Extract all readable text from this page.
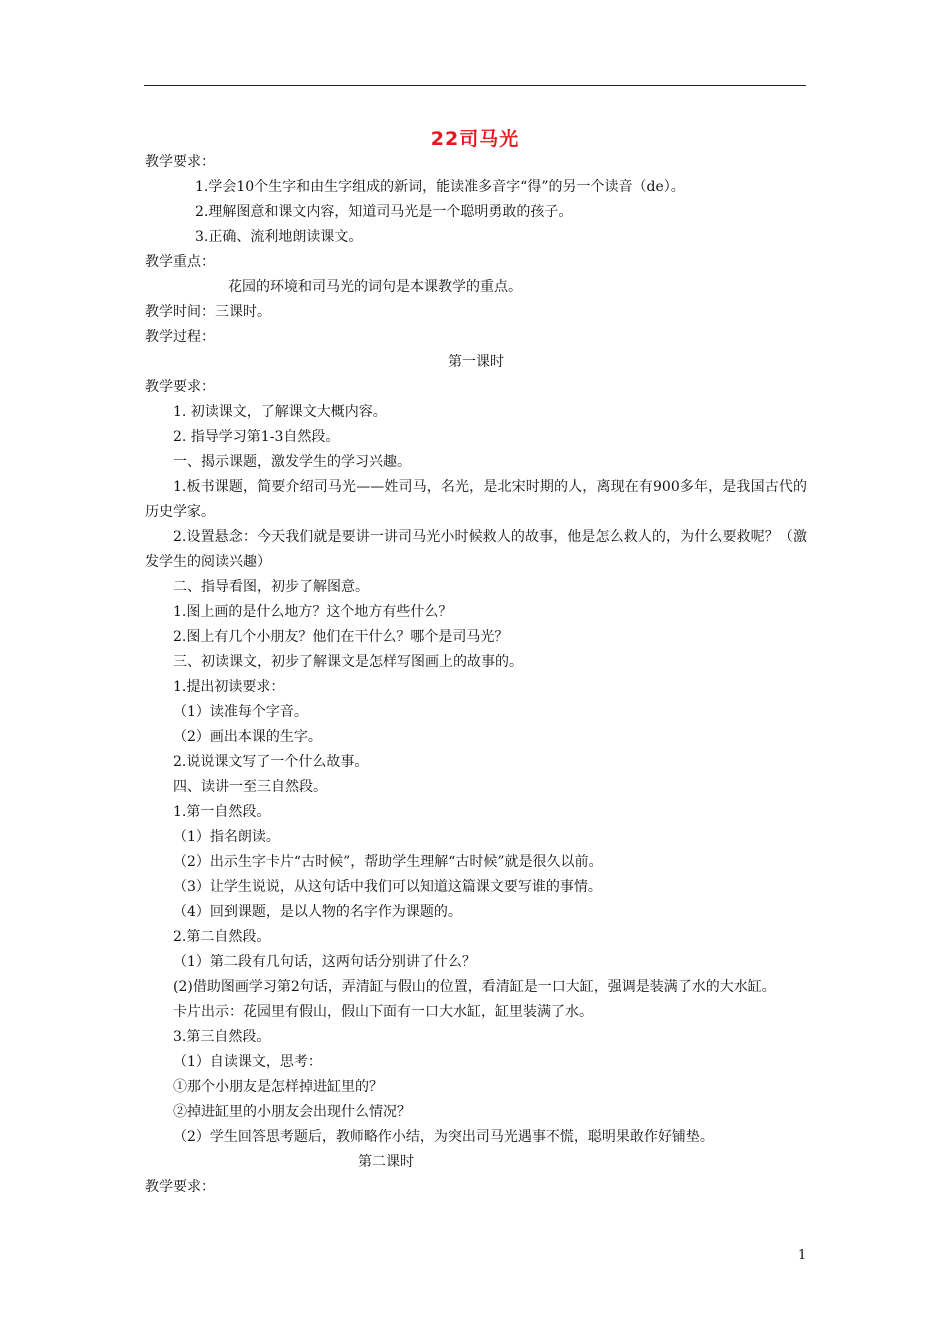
22司马光
教学要求：
1.学会10个生字和由生字组成的新词，能读准多音字“得”的另一个读音（de）。
2.理解图意和课文内容，知道司马光是一个聪明勇敢的孩子。
3.正确、流利地朗读课文。
教学重点：
花园的环境和司马光的词句是本课教学的重点。
教学时间：三课时。
教学过程：
第一课时
教学要求：
1. 初读课文，了解课文大概内容。
2. 指导学习第1-3自然段。
一、揭示课题，激发学生的学习兴趣。
1.板书课题，简要介绍司马光——姓司马，名光，是北宋时期的人，离现在有900多年，是我国古代的历史学家。
2.设置悬念：今天我们就是要讲一讲司马光小时候救人的故事，他是怎么救人的，为什么要救呢？（激发学生的阅读兴趣）
二、指导看图，初步了解图意。
1.图上画的是什么地方？这个地方有些什么？
2.图上有几个小朋友？他们在干什么？哪个是司马光？
三、初读课文，初步了解课文是怎样写图画上的故事的。
1.提出初读要求：
（1）读准每个字音。
（2）画出本课的生字。
2.说说课文写了一个什么故事。
四、读讲一至三自然段。
1.第一自然段。
（1）指名朗读。
（2）出示生字卡片“古时候”，帮助学生理解“古时候”就是很久以前。
（3）让学生说说，从这句话中我们可以知道这篇课文要写谁的事情。
（4）回到课题，是以人物的名字作为课题的。
2.第二自然段。
（1）第二段有几句话，这两句话分别讲了什么？
(2)借助图画学习第2句话，弄清缸与假山的位置，看清缸是一口大缸，强调是装满了水的大水缸。
卡片出示：花园里有假山，假山下面有一口大水缸，缸里装满了水。
3.第三自然段。
（1）自读课文，思考：
①那个小朋友是怎样掉进缸里的？
②掉进缸里的小朋友会出现什么情况？
（2）学生回答思考题后，教师略作小结，为突出司马光遇事不慌，聪明果敢作好铺垫。
第二课时
教学要求：
1
